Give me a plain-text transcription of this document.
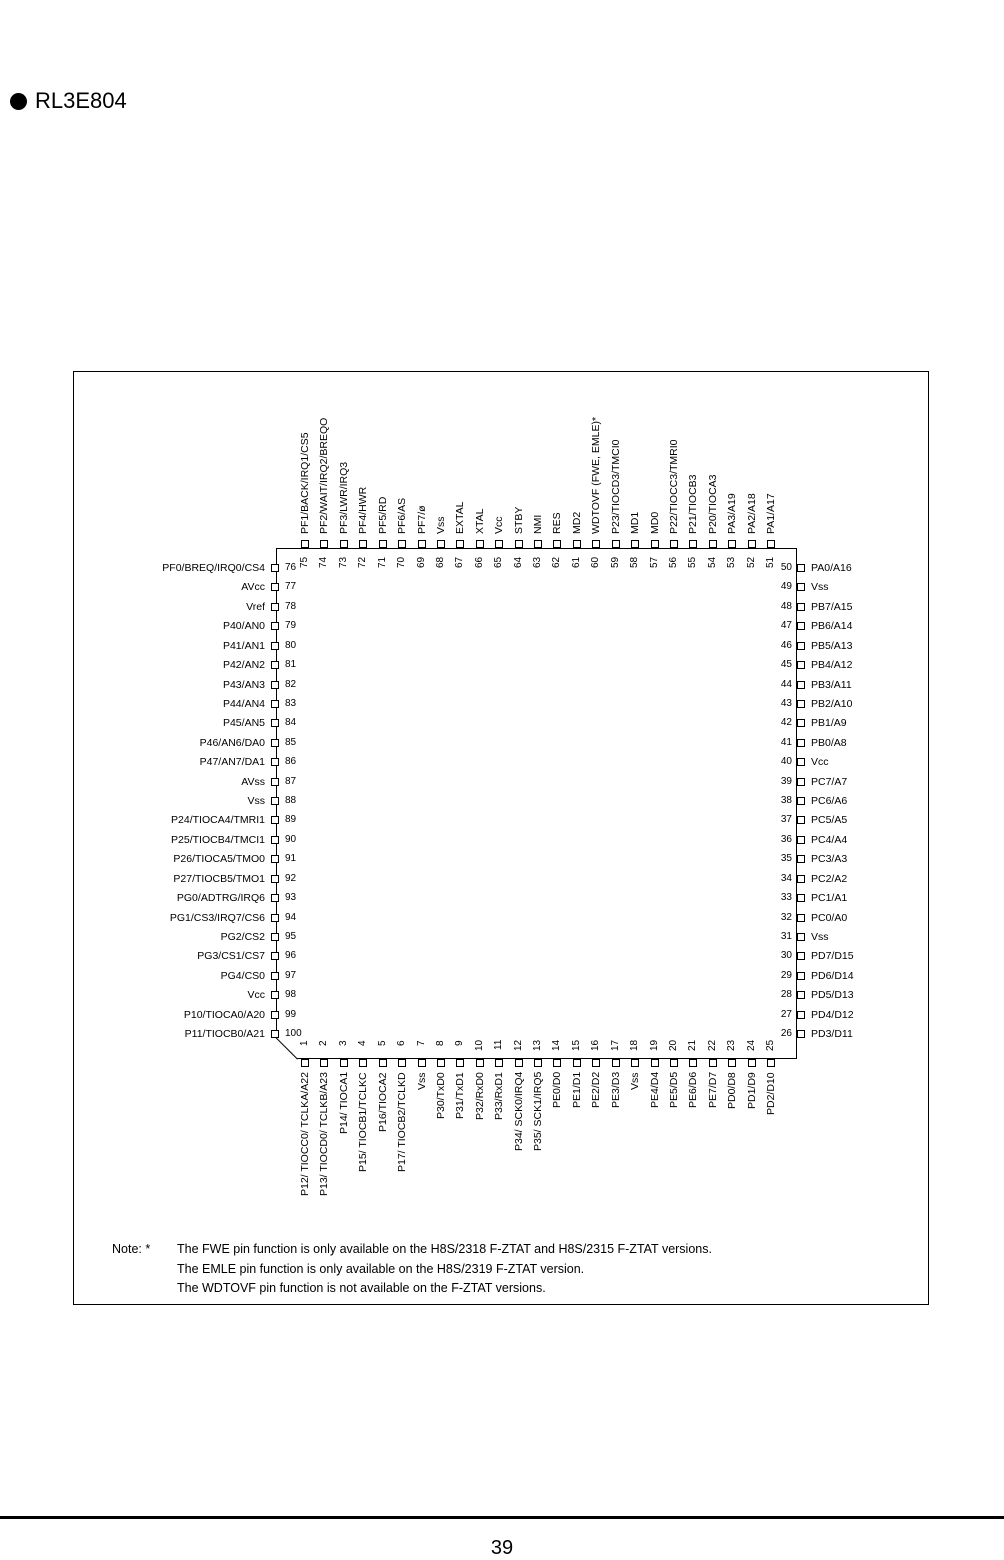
RL3E804
PF0/BREQ/IRQ0/CS4 76
AVcc 77
Vref 78
P40/AN0 79
P41/AN1 80
P42/AN2 81
P43/AN3 82
P44/AN4 83
P45/AN5 84
P46/AN6/DA0 85
P47/AN7/DA1 86
AVss 87
Vss 88
P24/TIOCA4/TMRI1 89
P25/TIOCB4/TMCI1 90
P26/TIOCA5/TMO0 91
P27/TIOCB5/TMO1 92
PG0/ADTRG/IRQ6 93
PG1/CS3/IRQ7/CS6 94
PG2/CS2 95
PG3/CS1/CS7 96
PG4/CS0 97
Vcc 98
P10/TIOCA0/A20 99
P11/TIOCB0/A21 100
PA0/A16
50
Vss
49
PB7/A15
48
PB6/A14
47
PB5/A13
46
PB4/A12
45
PB3/A11
44
PB2/A10
43
PB1/A9
42
PB0/A8
41
Vcc
40
PC7/A7
39
PC6/A6
38
PC5/A5
37
PC4/A4
36
PC3/A3
35
PC2/A2
34
PC1/A1
33
PC0/A0
32
Vss
31
PD7/D15
30
PD6/D14
29
PD5/D13
28
PD4/D12
27
PD3/D11
26
PF1/BACK/IRQ1/CS5
75
PF2/WAIT/IRQ2/BREQO
74
PF3/LWR/IRQ3
73
PF4/HWR
72
PF5/RD
71
PF6/AS
70
PF7/ø
69
Vss
68
EXTAL
67
XTAL
66
Vcc
65
STBY
64
NMI
63
RES
62
MD2
61
WDTOVF (FWE, EMLE)*
60
P23/TIOCD3/TMCI0
59
MD1
58
MD0
57
P22/TIOCC3/TMRI0
56
P21/TIOCB3
55
P20/TIOCA3
54
PA3/A19
53
PA2/A18
52
PA1/A17
51
P12/ TIOCC0/ TCLKA/A22
1
P13/ TIOCD0/ TCLKB/A23
2
P14/ TIOCA1
3
P15/ TIOCB1/TCLKC
4
P16/TIOCA2
5
P17/ TIOCB2/TCLKD
6
Vss
7
P30/TxD0
8
P31/TxD1
9
P32/RxD0
10
P33/RxD1
11
P34/ SCK0/IRQ4
12
P35/ SCK1/IRQ5
13
PE0/D0
14
PE1/D1
15
PE2/D2
16
PE3/D3
17
Vss
18
PE4/D4
19
PE5/D5
20
PE6/D6
21
PE7/D7
22
PD0/D8
23
PD1/D9
24
PD2/D10
25
Note: *	The FWE pin function is only available on the H8S/2318 F-ZTAT and H8S/2315 F-ZTAT versions.
The EMLE pin function is only available on the H8S/2319 F-ZTAT version.
The WDTOVF pin function is not available on the F-ZTAT versions.
39
